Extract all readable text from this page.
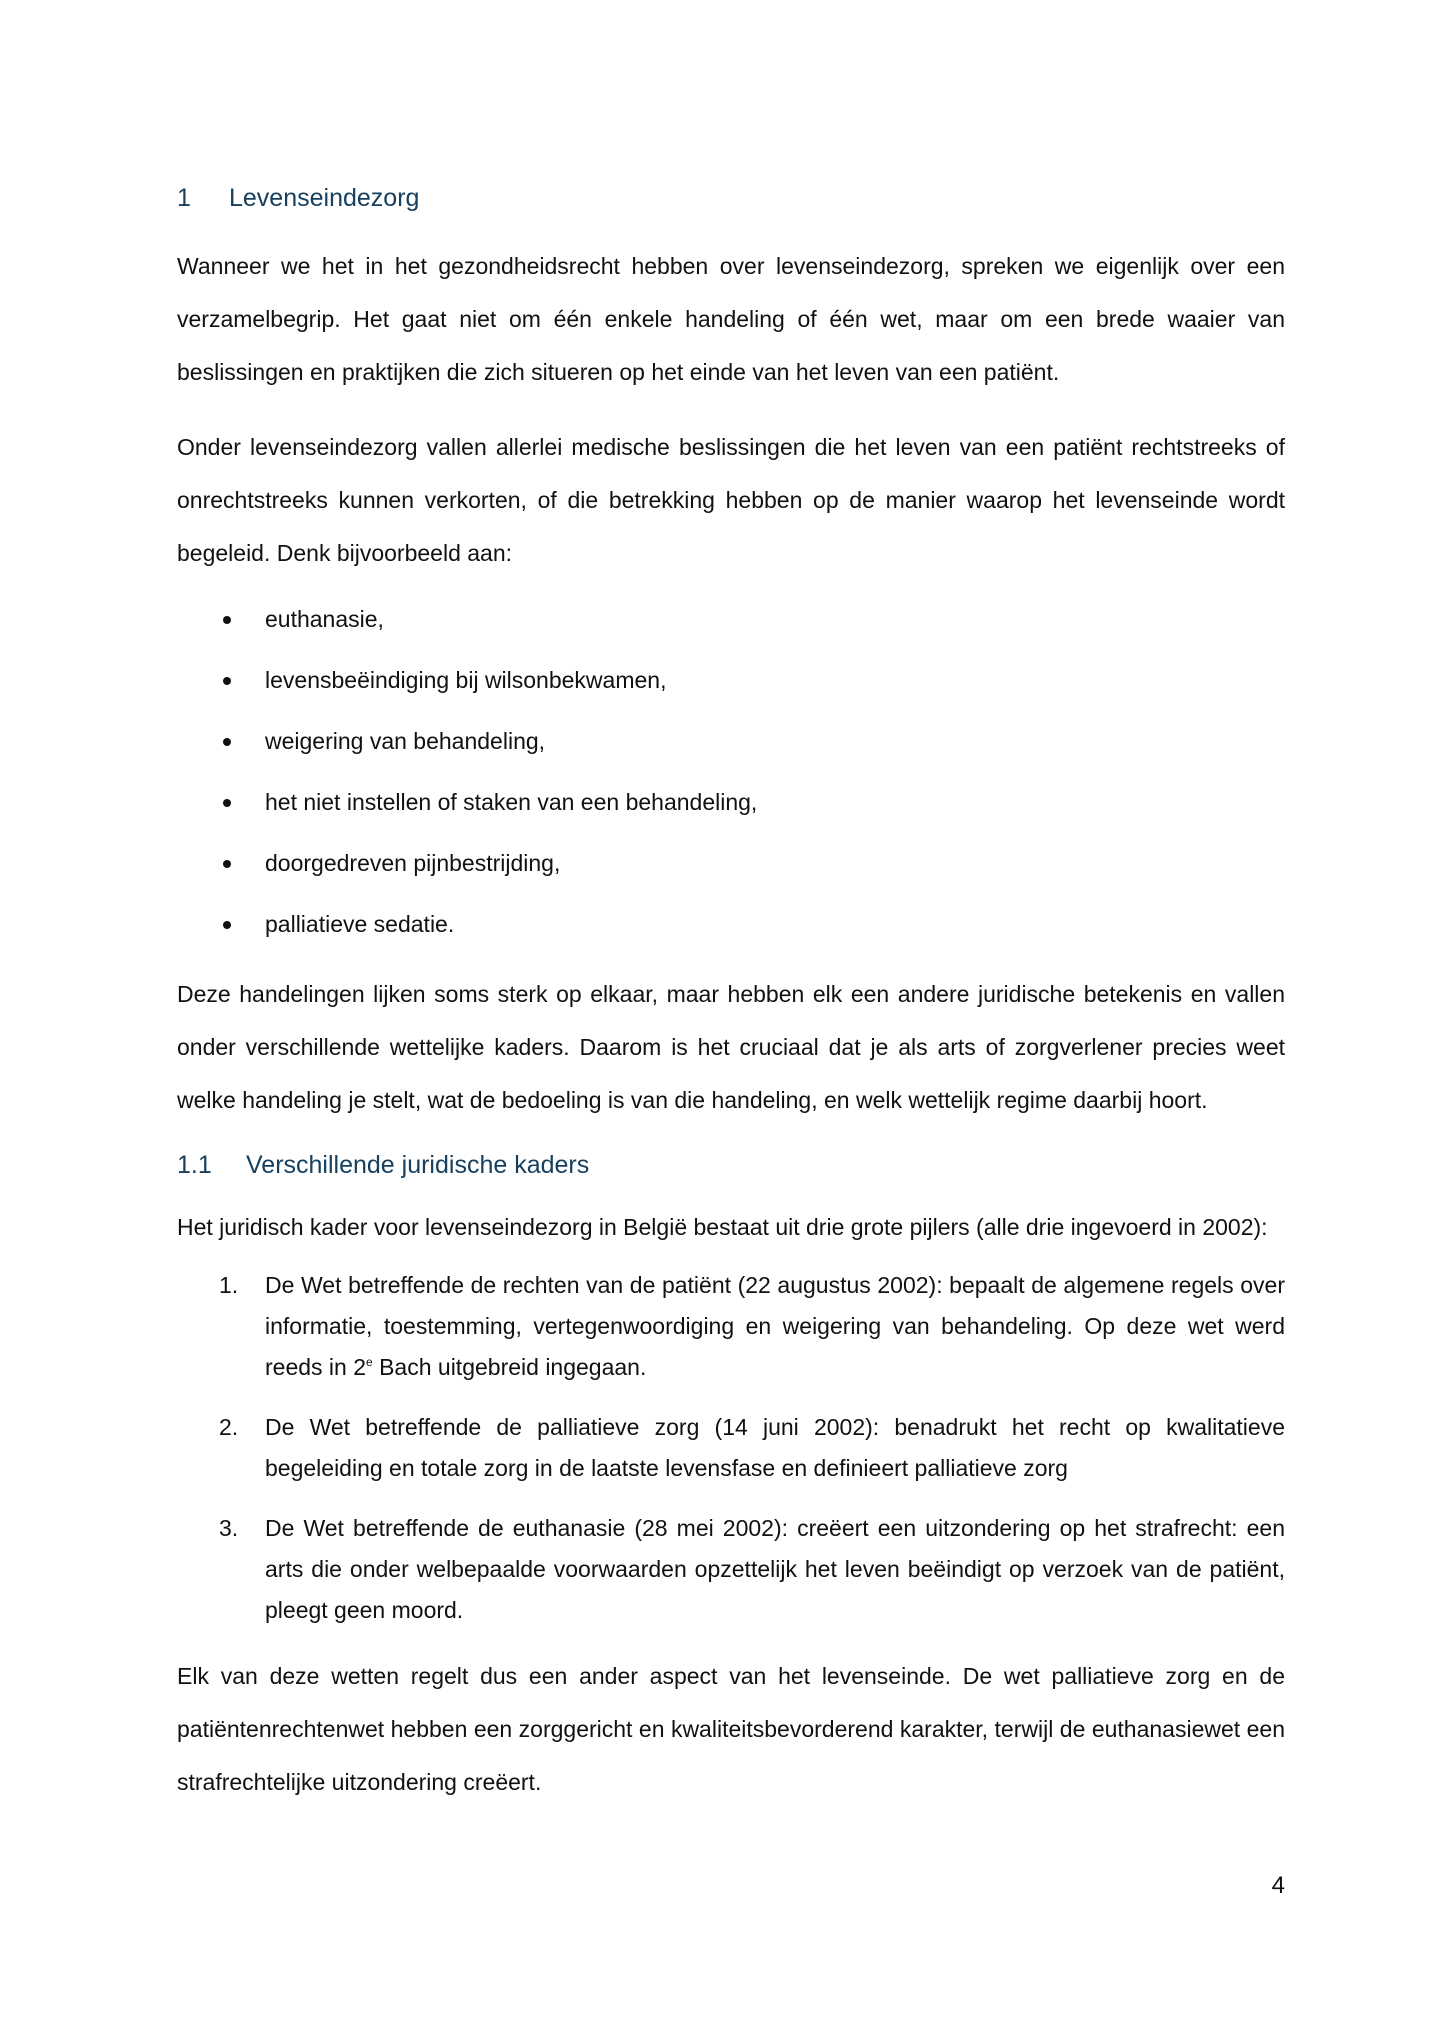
1 Levenseindezorg

Wanneer we het in het gezondheidsrecht hebben over levenseindezorg, spreken we eigenlijk over een verzamelbegrip. Het gaat niet om één enkele handeling of één wet, maar om een brede waaier van beslissingen en praktijken die zich situeren op het einde van het leven van een patiënt.

Onder levenseindezorg vallen allerlei medische beslissingen die het leven van een patiënt rechtstreeks of onrechtstreeks kunnen verkorten, of die betrekking hebben op de manier waarop het levenseinde wordt begeleid. Denk bijvoorbeeld aan:

euthanasie,
levensbeëindiging bij wilsonbekwamen,
weigering van behandeling,
het niet instellen of staken van een behandeling,
doorgedreven pijnbestrijding,
palliatieve sedatie.

Deze handelingen lijken soms sterk op elkaar, maar hebben elk een andere juridische betekenis en vallen onder verschillende wettelijke kaders. Daarom is het cruciaal dat je als arts of zorgverlener precies weet welke handeling je stelt, wat de bedoeling is van die handeling, en welk wettelijk regime daarbij hoort.

1.1 Verschillende juridische kaders

Het juridisch kader voor levenseindezorg in België bestaat uit drie grote pijlers (alle drie ingevoerd in 2002):

1. De Wet betreffende de rechten van de patiënt (22 augustus 2002): bepaalt de algemene regels over informatie, toestemming, vertegenwoordiging en weigering van behandeling. Op deze wet werd reeds in 2e Bach uitgebreid ingegaan.
2. De Wet betreffende de palliatieve zorg (14 juni 2002): benadrukt het recht op kwalitatieve begeleiding en totale zorg in de laatste levensfase en definieert palliatieve zorg
3. De Wet betreffende de euthanasie (28 mei 2002): creëert een uitzondering op het strafrecht: een arts die onder welbepaalde voorwaarden opzettelijk het leven beëindigt op verzoek van de patiënt, pleegt geen moord.

Elk van deze wetten regelt dus een ander aspect van het levenseinde. De wet palliatieve zorg en de patiëntenrechtenwet hebben een zorggericht en kwaliteitsbevorderend karakter, terwijl de euthanasiewet een strafrechtelijke uitzondering creëert.

4
